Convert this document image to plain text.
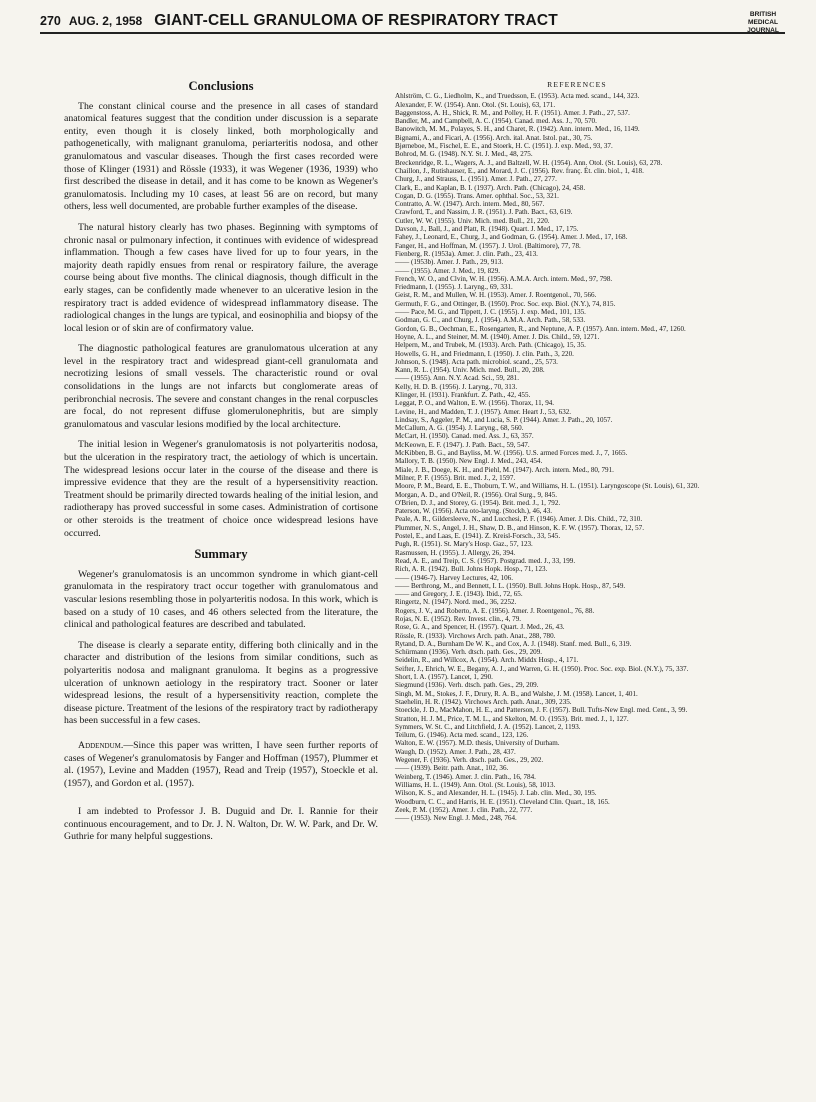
270 AUG. 2, 1958 GIANT-CELL GRANULOMA OF RESPIRATORY TRACT	BRITISH
MEDICAL JOURNAL
Conclusions

The constant clinical course and the presence in all cases of standard anatomical features suggest that the condition under discussion is a separate entity, even though it is closely linked, both morphologically and pathogenetically, with malignant granuloma, periarteritis nodosa, and other granulomatous and vascular diseases. Though the first cases recorded were those of Klinger (1931) and Rössle (1933), it was Wegener (1936, 1939) who first described the disease in detail, and it has come to be known as Wegener's granulomatosis. Including my 10 cases, at least 56 are on record, but many others, less well documented, are probable further examples of the disease.

The natural history clearly has two phases. Beginning with symptoms of chronic nasal or pulmonary infection, it continues with evidence of widespread inflammation. Though a few cases have lived for up to four years, in the majority death rapidly ensues from renal or respiratory failure, the average course being about five months. The clinical diagnosis, though difficult in the early stages, can be confidently made whenever to an ulcerative lesion in the respiratory tract is added evidence of widespread inflammatory disease. The radiological changes in the lungs are typical, and eosinophilia and biopsy of the local lesion or of skin are of confirmatory value.

The diagnostic pathological features are granulomatous ulceration at any level in the respiratory tract and widespread giant-cell granulomata and necrotizing lesions of small vessels. The characteristic round or oval consolidations in the lungs are not infarcts but conglomerate areas of peribronchial necrosis. The severe and constant changes in the renal corpuscles are focal, do not represent diffuse glomerulonephritis, but are simply granulomatous and vascular lesions modified by the local architecture.

The initial lesion in Wegener's granulomatosis is not polyarteritis nodosa, but the ulceration in the respiratory tract, the aetiology of which is uncertain. The widespread lesions occur later in the course of the disease and there is impressive evidence that they are the result of a hypersensitivity reaction. Treatment should be primarily directed towards healing of the initial lesion, and radiotherapy has proved successful in some cases. Administration of cortisone or other steroids is the treatment of choice once widespread lesions have occurred.

Summary

Wegener's granulomatosis is an uncommon syndrome in which giant-cell granulomata in the respiratory tract occur together with granulomatous and vascular lesions resembling those in polyarteritis nodosa. In this work, which is based on a study of 10 cases, and 46 others selected from the literature, the clinical and pathological features are described and tabulated.

The disease is clearly a separate entity, differing both clinically and in the character and distribution of the lesions from similar conditions, such as polyarteritis nodosa and malignant granuloma. It begins as a progressive ulceration of unknown aetiology in the respiratory tract. Sooner or later widespread lesions, the result of a hypersensitivity reaction, complete the disease picture. Treatment of the lesions of the respiratory tract by radiotherapy has been successful in a few cases.

Addendum.—Since this paper was written, I have seen further reports of cases of Wegener's granulomatosis by Fanger and Hoffman (1957), Plummer et al. (1957), Levine and Madden (1957), Read and Treip (1957), Stoeckle et al. (1957), and Gordon et al. (1957).

I am indebted to Professor J. B. Duguid and Dr. I. Rannie for their continuous encouragement, and to Dr. J. N. Walton, Dr. W. W. Park, and Dr. W. Guthrie for many helpful suggestions.

REFERENCES
Ahlström, C. G., Liedholm, K., and Truedsson, E. (1953). Acta med. scand., 144, 323.
Alexander, F. W. (1954). Ann. Otol. (St. Louis), 63, 171.
Baggenstoss, A. H., Shick, R. M., and Polley, H. F. (1951). Amer. J. Path., 27, 537.
Bandler, M., and Campbell, A. C. (1954). Canad. med. Ass. J., 70, 570.
Banowitch, M. M., Polayes, S. H., and Charet, R. (1942). Ann. intern. Med., 16, 1149.
Bignami, A., and Ficari, A. (1956). Arch. ital. Anat. Istol. pat., 30, 75.
Bjørneboe, M., Fischel, E. E., and Stoerk, H. C. (1951). J. exp. Med., 93, 37.
Bohrod, M. G. (1948). N.Y. St. J. Med., 48, 275.
Breckenridge, R. L., Wagers, A. J., and Baltzell, W. H. (1954). Ann. Otol. (St. Louis), 63, 278.
Chaillon, J., Rutishauser, E., and Morard, J. C. (1956). Rev. franç. Ét. clin. biol., 1, 418.
Churg, J., and Strauss, L. (1951). Amer. J. Path., 27, 277.
Clark, E., and Kaplan, B. I. (1937). Arch. Path. (Chicago), 24, 458.
Cogan, D. G. (1955). Trans. Amer. ophthal. Soc., 53, 321.
Contratto, A. W. (1947). Arch. intern. Med., 80, 567.
Crawford, T., and Nassim, J. R. (1951). J. Path. Bact., 63, 619.
Cutler, W. W. (1955). Univ. Mich. med. Bull., 21, 220.
Davson, J., Ball, J., and Platt, R. (1948). Quart. J. Med., 17, 175.
Fahey, J., Leonard, E., Churg, J., and Godman, G. (1954). Amer. J. Med., 17, 168.
Fanger, H., and Hoffman, M. (1957). J. Urol. (Baltimore), 77, 78.
Fienberg, R. (1953a). Amer. J. clin. Path., 23, 413.
—— (1953b). Amer. J. Path., 29, 913.
—— (1955). Amer. J. Med., 19, 829.
French, W. O., and Clvin, W. H. (1956). A.M.A. Arch. intern. Med., 97, 798.
Friedmann, I. (1955). J. Laryng., 69, 331.
Geist, R. M., and Mullen, W. H. (1953). Amer. J. Roentgenol., 70, 566.
Germuth, F. G., and Ottinger, B. (1950). Proc. Soc. exp. Biol. (N.Y.), 74, 815.
—— Pace, M. G., and Tippett, J. C. (1955). J. exp. Med., 101, 135.
Godman, G. C., and Churg, J. (1954). A.M.A. Arch. Path., 58, 533.
Gordon, G. B., Oechman, E., Rosengarten, R., and Neptune, A. P. (1957). Ann. intern. Med., 47, 1260.
Hoyne, A. L., and Steiner, M. M. (1940). Amer. J. Dis. Child., 59, 1271.
Helpern, M., and Trubek, M. (1933). Arch. Path. (Chicago), 15, 35.
Howells, G. H., and Friedmann, I. (1950). J. clin. Path., 3, 220.
Johnson, S. (1948). Acta path. microbiol. scand., 25, 573.
Kann, R. L. (1954). Univ. Mich. med. Bull., 20, 208.
—— (1955). Ann. N.Y. Acad. Sci., 59, 281.
Kelly, H. D. B. (1956). J. Laryng., 70, 313.
Klinger, H. (1931). Frankfurt. Z. Path., 42, 455.
Leggat, P. O., and Walton, E. W. (1956). Thorax, 11, 94.
Levine, H., and Madden, T. J. (1957). Amer. Heart J., 53, 632.
Lindsay, S., Aggeler, P. M., and Lucia, S. P. (1944). Amer. J. Path., 20, 1057.
McCallum, A. G. (1954). J. Laryng., 68, 560.
McCart, H. (1950). Canad. med. Ass. J., 63, 357.
McKeown, E. F. (1947). J. Path. Bact., 59, 547.
McKibben, B. G., and Bayliss, M. W. (1956). U.S. armed Forces med. J., 7, 1665.
Mallory, T. B. (1950). New Engl. J. Med., 243, 454.
Miale, J. B., Doege, K. H., and Piehl, M. (1947). Arch. intern. Med., 80, 791.
Milner, P. F. (1955). Brit. med. J., 2, 1597.
Moore, P. M., Beard, E. E., Thoburn, T. W., and Williams, H. L. (1951). Laryngoscope (St. Louis), 61, 320.
Morgan, A. D., and O'Neil, R. (1956). Oral Surg., 9, 845.
O'Brien, D. J., and Storey, G. (1954). Brit. med. J., 1, 792.
Paterson, W. (1956). Acta oto-laryng. (Stockh.), 46, 43.
Peale, A. R., Gildersleeve, N., and Lucchesi, P. F. (1946). Amer. J. Dis. Child., 72, 310.
Plummer, N. S., Angel, J. H., Shaw, D. B., and Hinson, K. F. W. (1957). Thorax, 12, 57.
Postel, E., and Laas, E. (1941). Z. Kreisl-Forsch., 33, 545.
Pugh, R. (1951). St. Mary's Hosp. Gaz., 57, 123.
Rasmussen, H. (1955). J. Allergy, 26, 394.
Read, A. E., and Treip, C. S. (1957). Postgrad. med. J., 33, 199.
Rich, A. R. (1942). Bull. Johns Hopk. Hosp., 71, 123.
—— (1946-7). Harvey Lectures, 42, 106.
—— Berthrong, M., and Bennett, I. L. (1950). Bull. Johns Hopk. Hosp., 87, 549.
—— and Gregory, J. E. (1943). Ibid., 72, 65.
Ringertz, N. (1947). Nord. med., 36, 2252.
Rogers, J. V., and Roberto, A. E. (1956). Amer. J. Roentgenol., 76, 88.
Rojas, N. E. (1952). Rev. Invest. clin., 4, 79.
Rose, G. A., and Spencer, H. (1957). Quart. J. Med., 26, 43.
Rössle, R. (1933). Virchows Arch. path. Anat., 288, 780.
Rytand, D. A., Burnham De W. K., and Cox, A. J. (1948). Stanf. med. Bull., 6, 319.
Schürmann (1936). Verh. dtsch. path. Ges., 29, 209.
Seidelin, R., and Willcox, A. (1954). Arch. Middx Hosp., 4, 171.
Seifter, J., Ehrich, W. E., Begany, A. J., and Warren, G. H. (1950). Proc. Soc. exp. Biol. (N.Y.), 75, 337.
Short, I. A. (1957). Lancet, 1, 290.
Siegmund (1936). Verh. dtsch. path. Ges., 29, 209.
Singh, M. M., Stokes, J. F., Drury, R. A. B., and Walshe, J. M. (1958). Lancet, 1, 401.
Staehelin, H. R. (1942). Virchows Arch. path. Anat., 309, 235.
Stoeckle, J. D., MacMahon, H. E., and Patterson, J. F. (1957). Bull. Tufts-New Engl. med. Cent., 3, 99.
Stratton, H. J. M., Price, T. M. L., and Skelton, M. O. (1953). Brit. med. J., 1, 127.
Symmers, W. St. C., and Litchfield, J. A. (1952). Lancet, 2, 1193.
Teilum, G. (1946). Acta med. scand., 123, 126.
Walton, E. W. (1957). M.D. thesis, University of Durham.
Waugh, D. (1952). Amer. J. Path., 28, 437.
Wegener, F. (1936). Verh. dtsch. path. Ges., 29, 202.
—— (1939). Beitr. path. Anat., 102, 36.
Weinberg, T. (1946). Amer. J. clin. Path., 16, 784.
Williams, H. L. (1949). Ann. Otol. (St. Louis), 58, 1013.
Wilson, K. S., and Alexander, H. L. (1945). J. Lab. clin. Med., 30, 195.
Woodburn, C. C., and Harris, H. E. (1951). Cleveland Clin. Quart., 18, 165.
Zeek, P. M. (1952). Amer. J. clin. Path., 22, 777.
—— (1953). New Engl. J. Med., 248, 764.
